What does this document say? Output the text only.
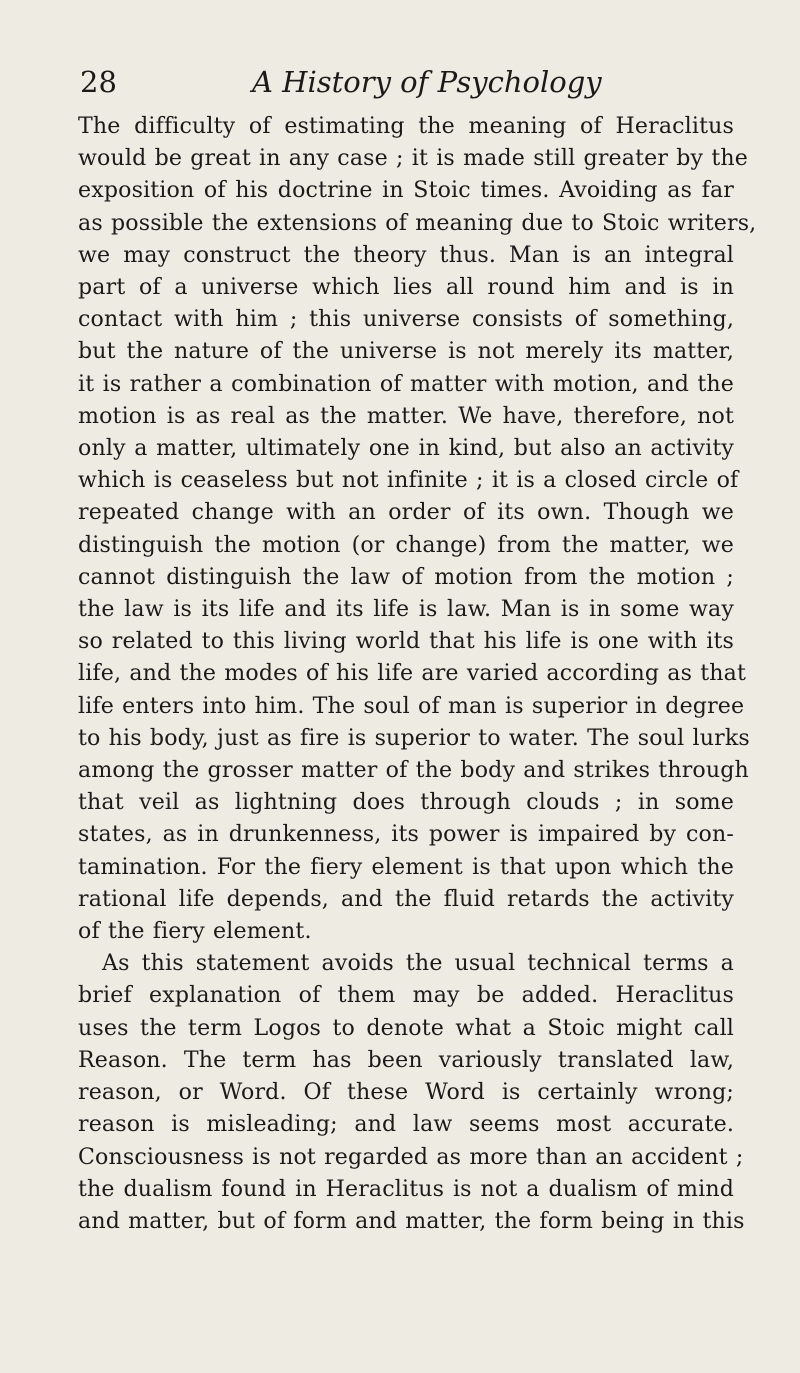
28	A History of Psychology
The difficulty of estimating the meaning of Heraclitus
would be great in any case ; it is made still greater by the
exposition of his doctrine in Stoic times. Avoiding as far
as possible the extensions of meaning due to Stoic writers,
we may construct the theory thus. Man is an integral
part of a universe which lies all round him and is in
contact with him ; this universe consists of something,
but the nature of the universe is not merely its matter,
it is rather a combination of matter with motion, and the
motion is as real as the matter. We have, therefore, not
only a matter, ultimately one in kind, but also an activity
which is ceaseless but not infinite ; it is a closed circle of
repeated change with an order of its own. Though we
distinguish the motion (or change) from the matter, we
cannot distinguish the law of motion from the motion ;
the law is its life and its life is law. Man is in some way
so related to this living world that his life is one with its
life, and the modes of his life are varied according as that
life enters into him. The soul of man is superior in degree
to his body, just as fire is superior to water. The soul lurks
among the grosser matter of the body and strikes through
that veil as lightning does through clouds ; in some
states, as in drunkenness, its power is impaired by con-
tamination. For the fiery element is that upon which the
rational life depends, and the fluid retards the activity
of the fiery element.
As this statement avoids the usual technical terms a
brief explanation of them may be added. Heraclitus
uses the term Logos to denote what a Stoic might call
Reason. The term has been variously translated law,
reason, or Word. Of these Word is certainly wrong;
reason is misleading; and law seems most accurate.
Consciousness is not regarded as more than an accident ;
the dualism found in Heraclitus is not a dualism of mind
and matter, but of form and matter, the form being in this
